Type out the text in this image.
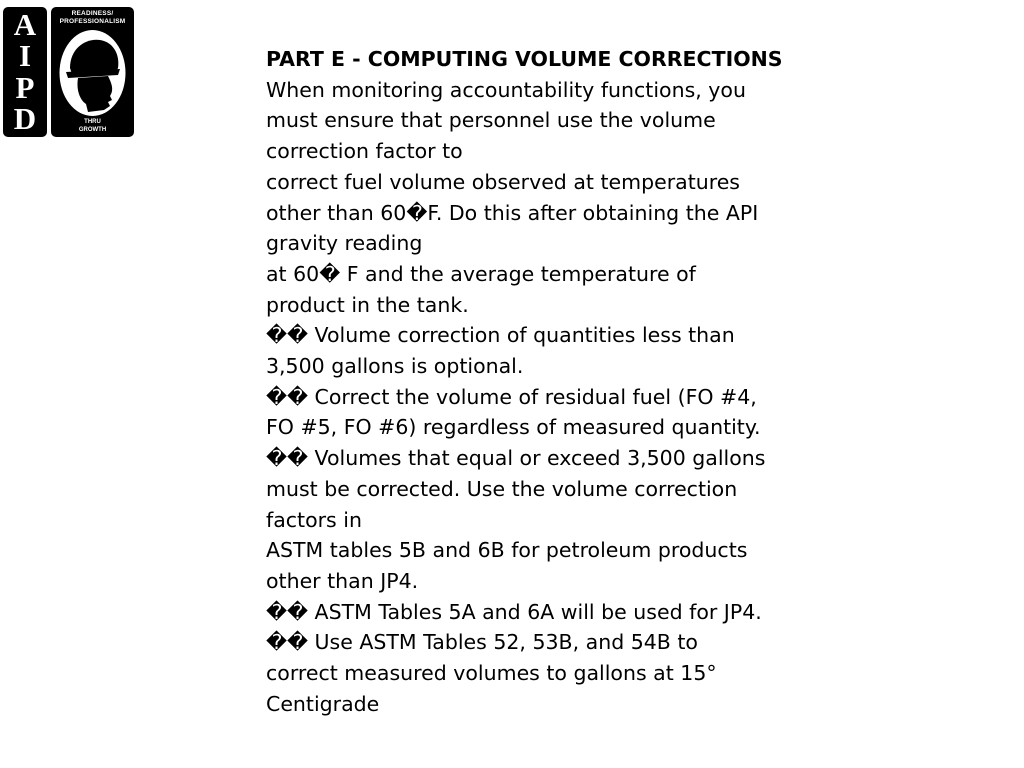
A
I
P
D
READINESS/
PROFESSIONALISM
THRU
GROWTH
PART E - COMPUTING VOLUME CORRECTIONS
When monitoring accountability functions, you
must ensure that personnel use the volume
correction factor to
correct fuel volume observed at temperatures
other than 60�F. Do this after obtaining the API
gravity reading
at 60� F and the average temperature of
product in the tank.
�� Volume correction of quantities less than
3,500 gallons is optional.
�� Correct the volume of residual fuel (FO #4,
FO #5, FO #6) regardless of measured quantity.
�� Volumes that equal or exceed 3,500 gallons
must be corrected. Use the volume correction
factors in
ASTM tables 5B and 6B for petroleum products
other than JP4.
�� ASTM Tables 5A and 6A will be used for JP4.
�� Use ASTM Tables 52, 53B, and 54B to
correct measured volumes to gallons at 15°
Centigrade
